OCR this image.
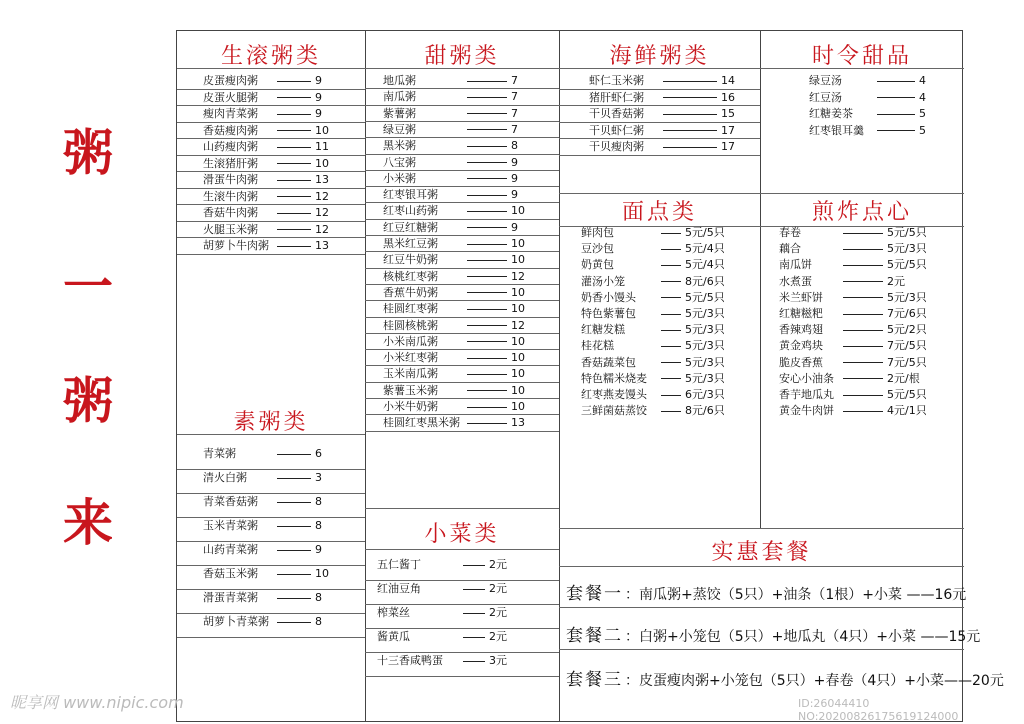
粥
一
粥
来
生滚粥类
素粥类
甜粥类
小菜类
海鲜粥类
面点类
时令甜品
煎炸点心
实惠套餐
套餐一 ：南瓜粥+蒸饺（5只）+油条（1根）+小菜 ——16元
套餐二 ：白粥+小笼包（5只）+地瓜丸（4只）+小菜 ——15元
套餐三 ：皮蛋瘦肉粥+小笼包（5只）+春卷（4只）+小菜——20元
皮蛋瘦肉粥	9
皮蛋火腿粥	9
瘦肉青菜粥	9
香菇瘦肉粥	10
山药瘦肉粥	11
生滚猪肝粥	10
滑蛋牛肉粥	13
生滚牛肉粥	12
香菇牛肉粥	12
火腿玉米粥	12
胡萝卜牛肉粥	13
青菜粥	6
清火白粥	3
青菜香菇粥	8
玉米青菜粥	8
山药青菜粥	9
香菇玉米粥	10
滑蛋青菜粥	8
胡萝卜青菜粥	8
地瓜粥	7
南瓜粥	7
紫薯粥	7
绿豆粥	7
黑米粥	8
八宝粥	9
小米粥	9
红枣银耳粥	9
红枣山药粥	10
红豆红糖粥	9
黑米红豆粥	10
红豆牛奶粥	10
核桃红枣粥	12
香蕉牛奶粥	10
桂圆红枣粥	10
桂圆核桃粥	12
小米南瓜粥	10
小米红枣粥	10
玉米南瓜粥	10
紫薯玉米粥	10
小米牛奶粥	10
桂圆红枣黑米粥	13
五仁酱丁	2元
红油豆角	2元
榨菜丝	2元
酱黄瓜	2元
十三香咸鸭蛋	3元
虾仁玉米粥	14
猪肝虾仁粥	16
干贝香菇粥	15
干贝虾仁粥	17
干贝瘦肉粥	17
鲜肉包	5元/5只
豆沙包	5元/4只
奶黄包	5元/4只
灌汤小笼	8元/6只
奶香小馒头	5元/5只
特色紫薯包	5元/3只
红糖发糕	5元/3只
桂花糕	5元/3只
香菇蔬菜包	5元/3只
特色糯米烧麦	5元/3只
红枣燕麦馒头	6元/3只
三鲜菌菇蒸饺	8元/6只
绿豆汤	4
红豆汤	4
红糖姜茶	5
红枣银耳羹	5
春卷	5元/5只
藕合	5元/3只
南瓜饼	5元/5只
水煮蛋	2元
米兰虾饼	5元/3只
红糖糍粑	7元/6只
香辣鸡翅	5元/2只
黄金鸡块	7元/5只
脆皮香蕉	7元/5只
安心小油条	2元/根
香芋地瓜丸	5元/5只
黄金牛肉饼	4元/1只
昵享网 www.nipic.com	ID:26044410 NO:20200826175619124000
